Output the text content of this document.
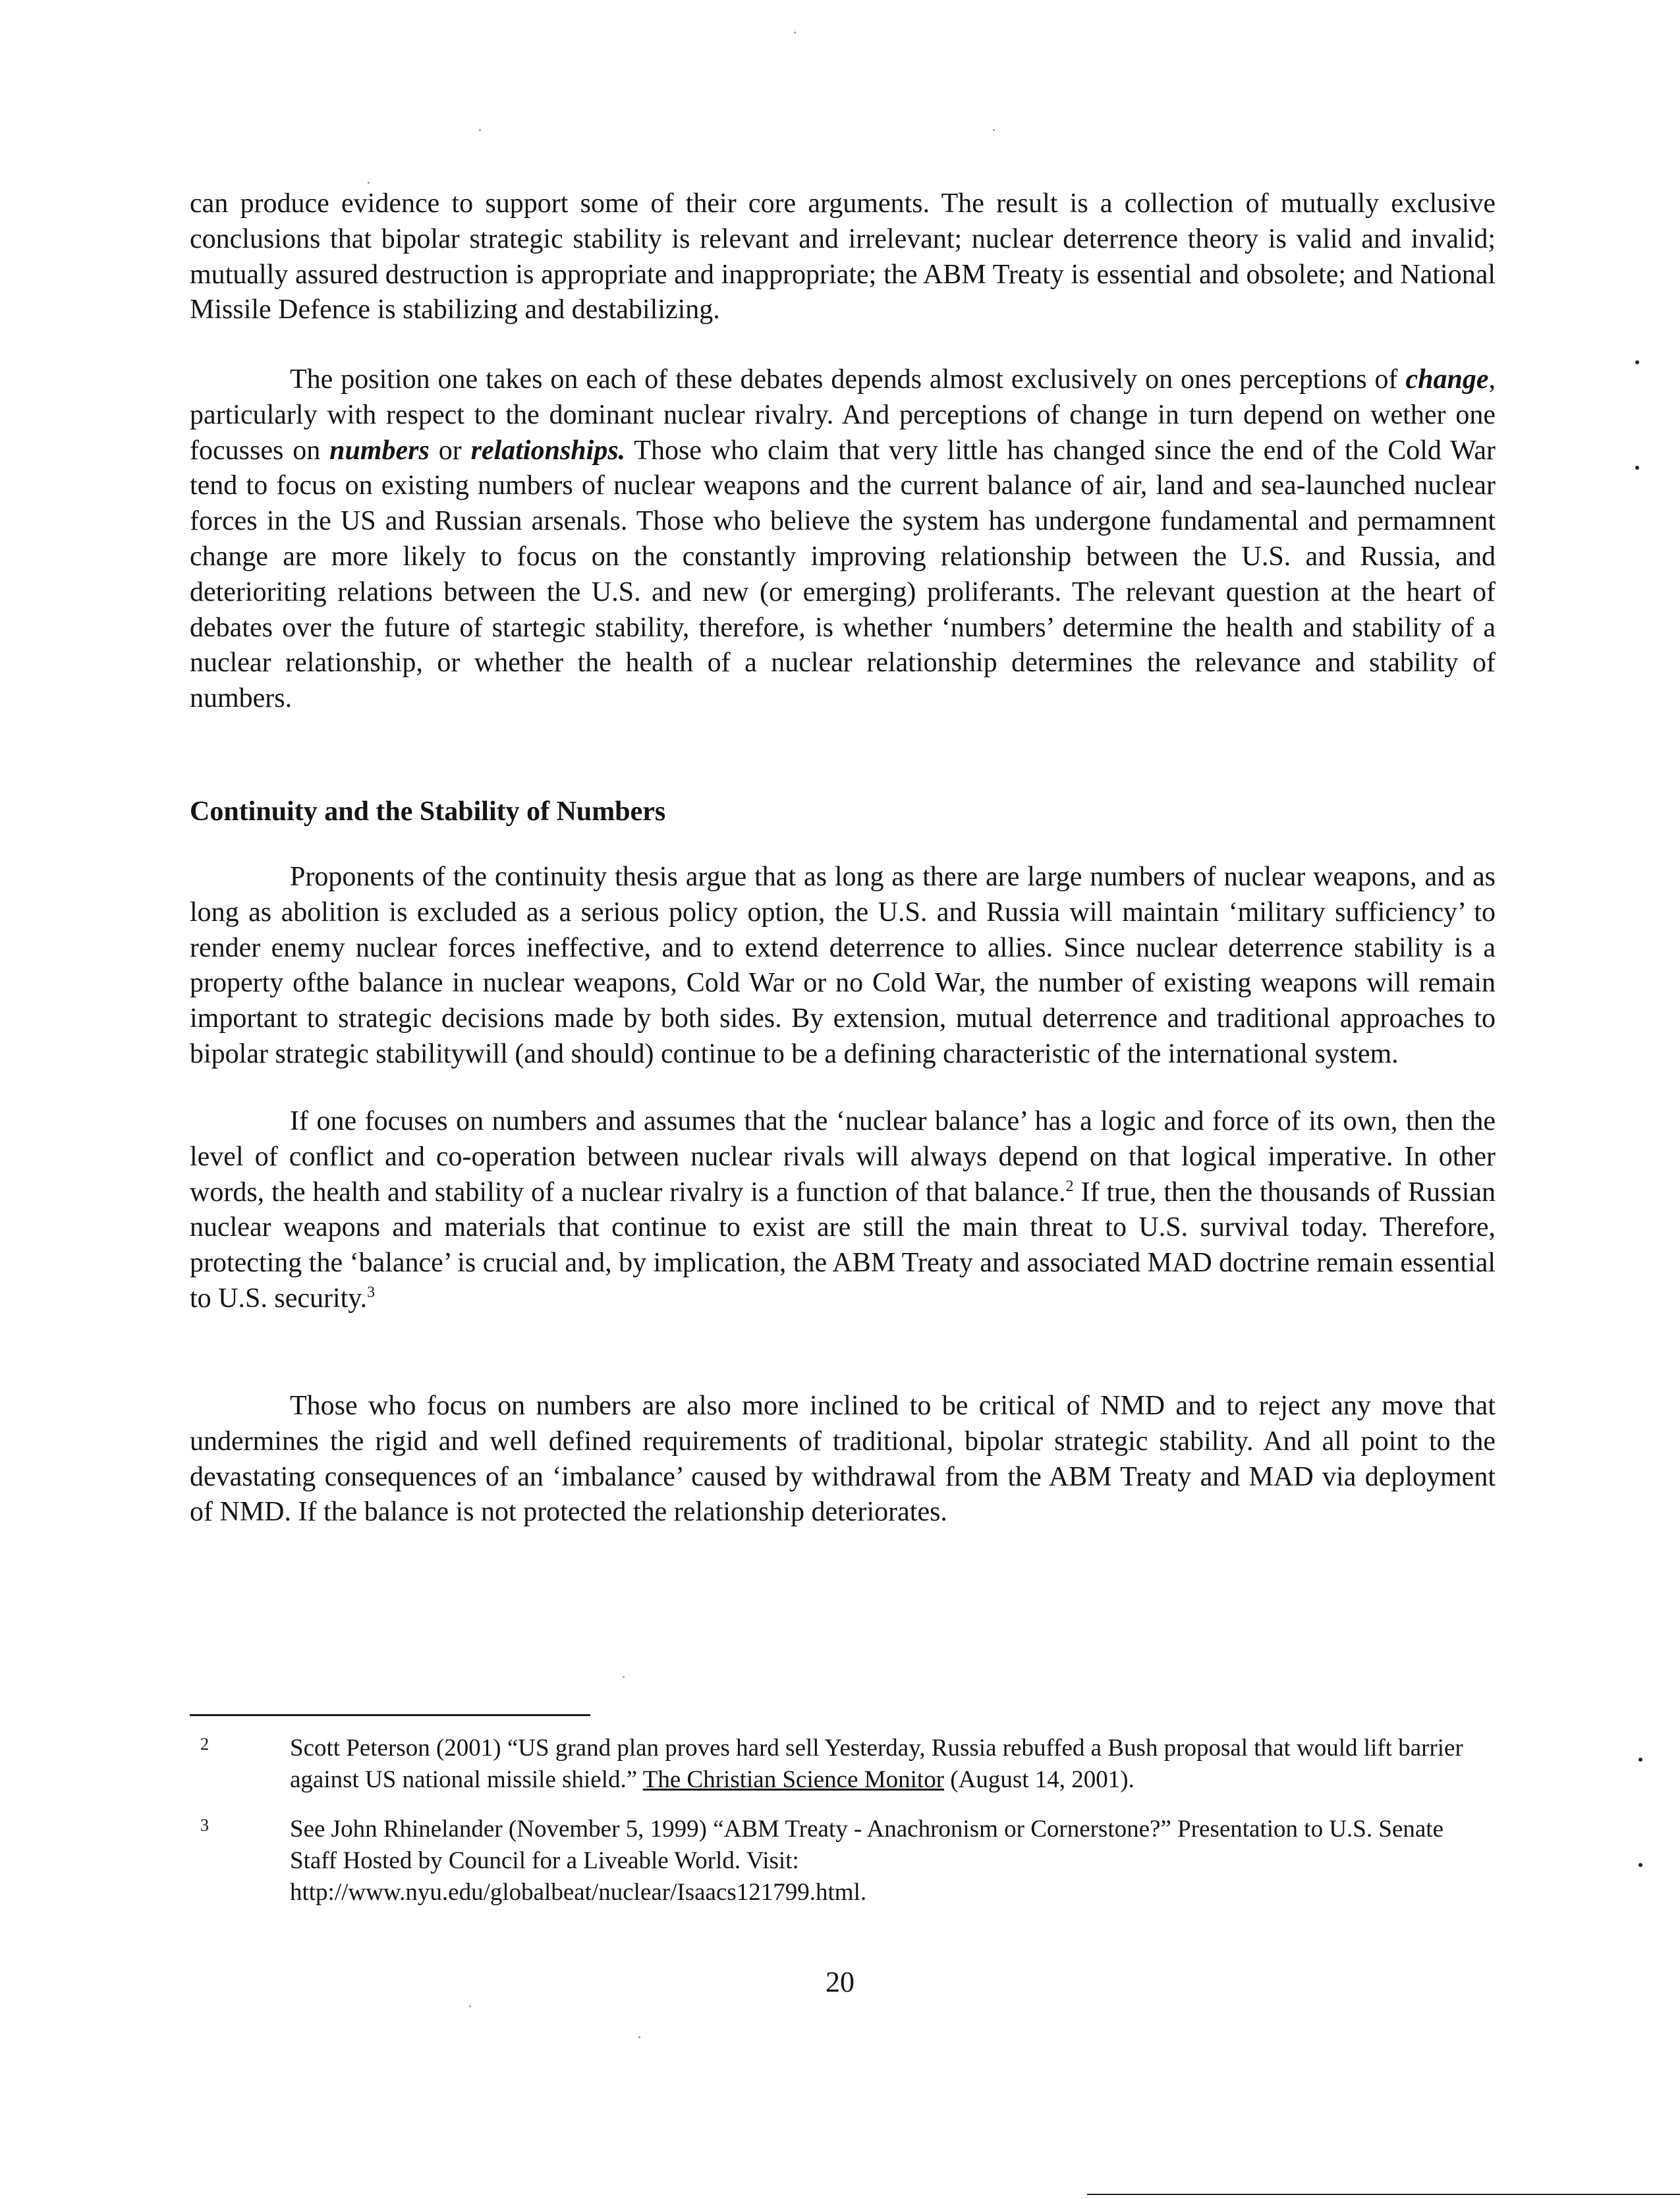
can produce evidence to support some of their core arguments. The result is a collection of mutually exclusive conclusions that bipolar strategic stability is relevant and irrelevant; nuclear deterrence theory is valid and invalid; mutually assured destruction is appropriate and inappropriate; the ABM Treaty is essential and obsolete; and National Missile Defence is stabilizing and destabilizing.

The position one takes on each of these debates depends almost exclusively on ones perceptions of change, particularly with respect to the dominant nuclear rivalry. And perceptions of change in turn depend on wether one focusses on numbers or relationships. Those who claim that very little has changed since the end of the Cold War tend to focus on existing numbers of nuclear weapons and the current balance of air, land and sea-launched nuclear forces in the US and Russian arsenals. Those who believe the system has undergone fundamental and permamnent change are more likely to focus on the constantly improving relationship between the U.S. and Russia, and deterioriting relations between the U.S. and new (or emerging) proliferants. The relevant question at the heart of debates over the future of startegic stability, therefore, is whether ‘numbers’ determine the health and stability of a nuclear relationship, or whether the health of a nuclear relationship determines the relevance and stability of numbers.

Continuity and the Stability of Numbers

Proponents of the continuity thesis argue that as long as there are large numbers of nuclear weapons, and as long as abolition is excluded as a serious policy option, the U.S. and Russia will maintain ‘military sufficiency’ to render enemy nuclear forces ineffective, and to extend deterrence to allies. Since nuclear deterrence stability is a property ofthe balance in nuclear weapons, Cold War or no Cold War, the number of existing weapons will remain important to strategic decisions made by both sides. By extension, mutual deterrence and traditional approaches to bipolar strategic stabilitywill (and should) continue to be a defining characteristic of the international system.

If one focuses on numbers and assumes that the ‘nuclear balance’ has a logic and force of its own, then the level of conflict and co-operation between nuclear rivals will always depend on that logical imperative. In other words, the health and stability of a nuclear rivalry is a function of that balance.$^2$ If true, then the thousands of Russian nuclear weapons and materials that continue to exist are still the main threat to U.S. survival today. Therefore, protecting the ‘balance’ is crucial and, by implication, the ABM Treaty and associated MAD doctrine remain essential to U.S. security.$^3$

Those who focus on numbers are also more inclined to be critical of NMD and to reject any move that undermines the rigid and well defined requirements of traditional, bipolar strategic stability. And all point to the devastating consequences of an ‘imbalance’ caused by withdrawal from the ABM Treaty and MAD via deployment of NMD. If the balance is not protected the relationship deteriorates.

2	Scott Peterson (2001) “US grand plan proves hard sell Yesterday, Russia rebuffed a Bush proposal that would lift barrier against US national missile shield.” The Christian Science Monitor (August 14, 2001).

3	See John Rhinelander (November 5, 1999) “ABM Treaty - Anachronism or Cornerstone?” Presentation to U.S. Senate Staff Hosted by Council for a Liveable World. Visit:
http://www.nyu.edu/globalbeat/nuclear/Isaacs121799.html.

20
